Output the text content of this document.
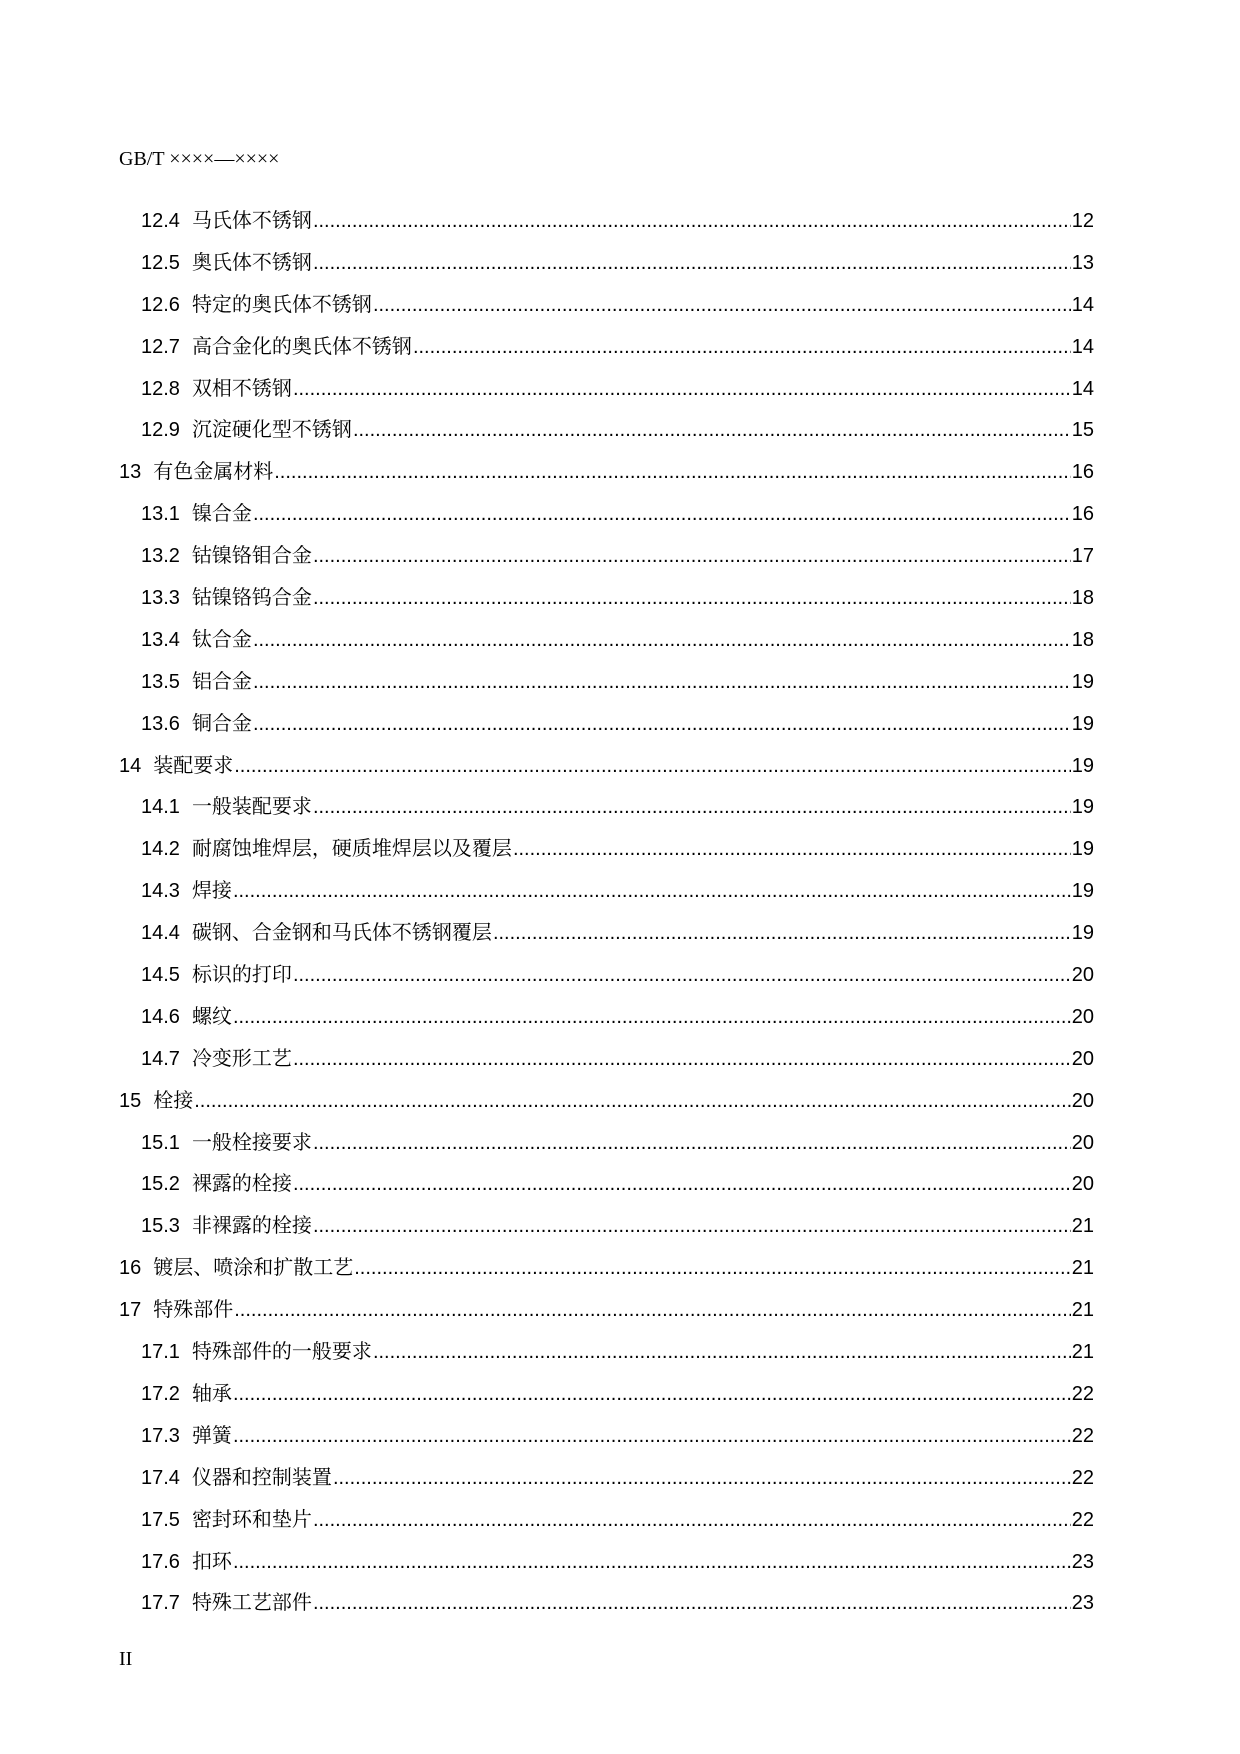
GB/T ××××—××××
12.4 马氏体不锈钢 .....	12
12.5 奥氏体不锈钢 .....	13
12.6 特定的奥氏体不锈钢 .....	14
12.7 高合金化的奥氏体不锈钢 .....	14
12.8 双相不锈钢 .....	14
12.9 沉淀硬化型不锈钢 .....	15
13 有色金属材料 .....	16
13.1 镍合金 .....	16
13.2 钴镍铬钼合金 .....	17
13.3 钴镍铬钨合金 .....	18
13.4 钛合金 .....	18
13.5 铝合金 .....	19
13.6 铜合金 .....	19
14 装配要求 .....	19
14.1 一般装配要求 .....	19
14.2 耐腐蚀堆焊层，硬质堆焊层以及覆层 .....	19
14.3 焊接 .....	19
14.4 碳钢、合金钢和马氏体不锈钢覆层 .....	19
14.5 标识的打印 .....	20
14.6 螺纹 .....	20
14.7 冷变形工艺 .....	20
15 栓接 .....	20
15.1 一般栓接要求 .....	20
15.2 裸露的栓接 .....	20
15.3 非裸露的栓接 .....	21
16 镀层、喷涂和扩散工艺 .....	21
17 特殊部件 .....	21
17.1 特殊部件的一般要求 .....	21
17.2 轴承 .....	22
17.3 弹簧 .....	22
17.4 仪器和控制装置 .....	22
17.5 密封环和垫片 .....	22
17.6 扣环 .....	23
17.7 特殊工艺部件 .....	23
II
